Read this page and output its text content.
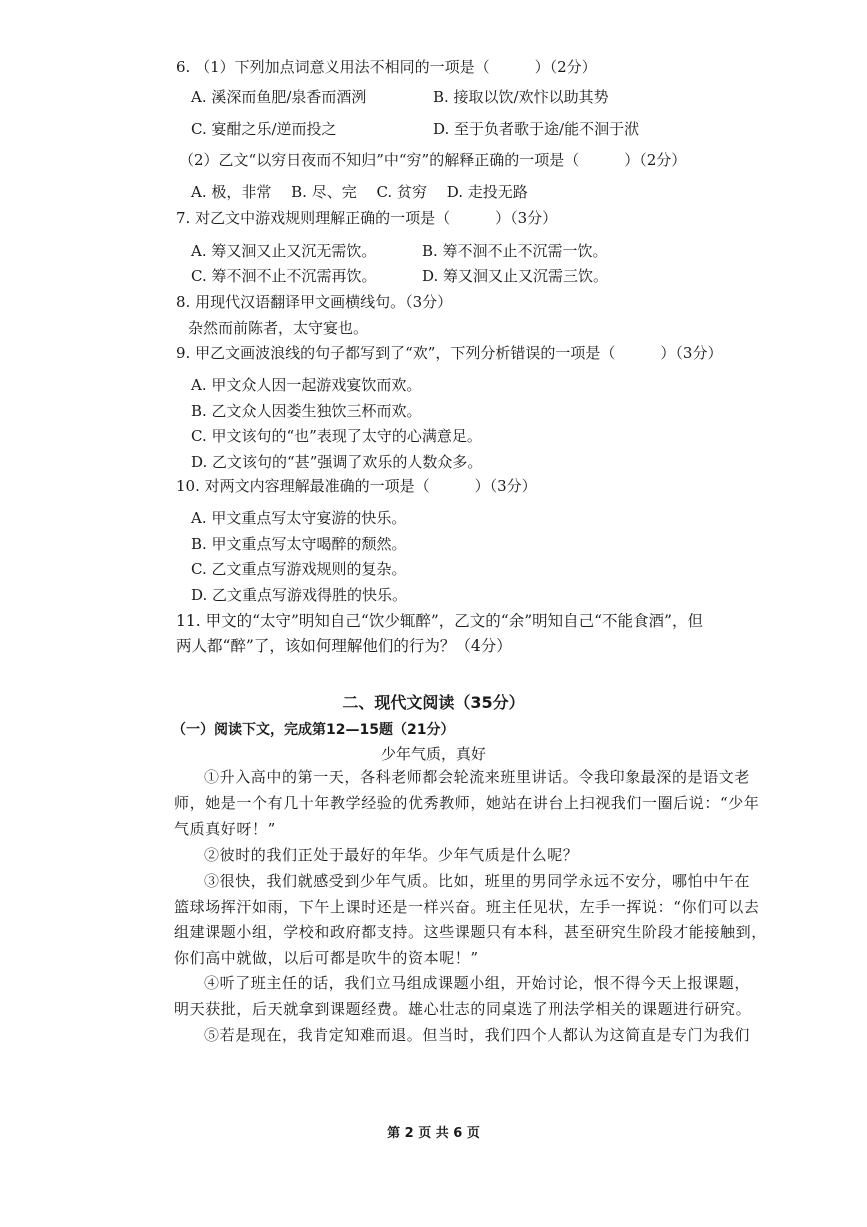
6. （1）下列加点词意义用法不相同的一项是（　　　）（2分）
A. 溪深而鱼肥/泉香而酒洌	B. 接取以饮/欢忭以助其势
C. 宴酣之乐/逆而投之	D. 至于负者歌于途/能不洄于洑
（2）乙文“以穷日夜而不知归”中“穷”的解释正确的一项是（　　　）（2分）
A. 极，非常　 B. 尽、完　 C. 贫穷　 D. 走投无路
7. 对乙文中游戏规则理解正确的一项是（　　　）（3分）
A. 筹又洄又止又沉无需饮。	B. 筹不洄不止不沉需一饮。
C. 筹不洄不止不沉需再饮。	D. 筹又洄又止又沉需三饮。
8. 用现代汉语翻译甲文画横线句。（3分）
杂然而前陈者，太守宴也。
9. 甲乙文画波浪线的句子都写到了“欢”，下列分析错误的一项是（　　　）（3分）
A. 甲文众人因一起游戏宴饮而欢。
B. 乙文众人因娄生独饮三杯而欢。
C. 甲文该句的“也”表现了太守的心满意足。
D. 乙文该句的“甚”强调了欢乐的人数众多。
10. 对两文内容理解最准确的一项是（　　　）（3分）
A. 甲文重点写太守宴游的快乐。
B. 甲文重点写太守喝醉的颓然。
C. 乙文重点写游戏规则的复杂。
D. 乙文重点写游戏得胜的快乐。
11. 甲文的“太守”明知自己“饮少辄醉”，乙文的“余”明知自己“不能食酒”，但
两人都“醉”了，该如何理解他们的行为？（4分）
二、现代文阅读（35分）
（一）阅读下文，完成第12—15题（21分）
少年气质，真好
①升入高中的第一天，各科老师都会轮流来班里讲话。令我印象最深的是语文老
师，她是一个有几十年教学经验的优秀教师，她站在讲台上扫视我们一圈后说：“少年
气质真好呀！”
②彼时的我们正处于最好的年华。少年气质是什么呢？
③很快，我们就感受到少年气质。比如，班里的男同学永远不安分，哪怕中午在
篮球场挥汗如雨，下午上课时还是一样兴奋。班主任见状，左手一挥说：“你们可以去
组建课题小组，学校和政府都支持。这些课题只有本科，甚至研究生阶段才能接触到，
你们高中就做，以后可都是吹牛的资本呢！”
④听了班主任的话，我们立马组成课题小组，开始讨论，恨不得今天上报课题，
明天获批，后天就拿到课题经费。雄心壮志的同桌选了刑法学相关的课题进行研究。
⑤若是现在，我肯定知难而退。但当时，我们四个人都认为这简直是专门为我们
第 2 页 共 6 页
